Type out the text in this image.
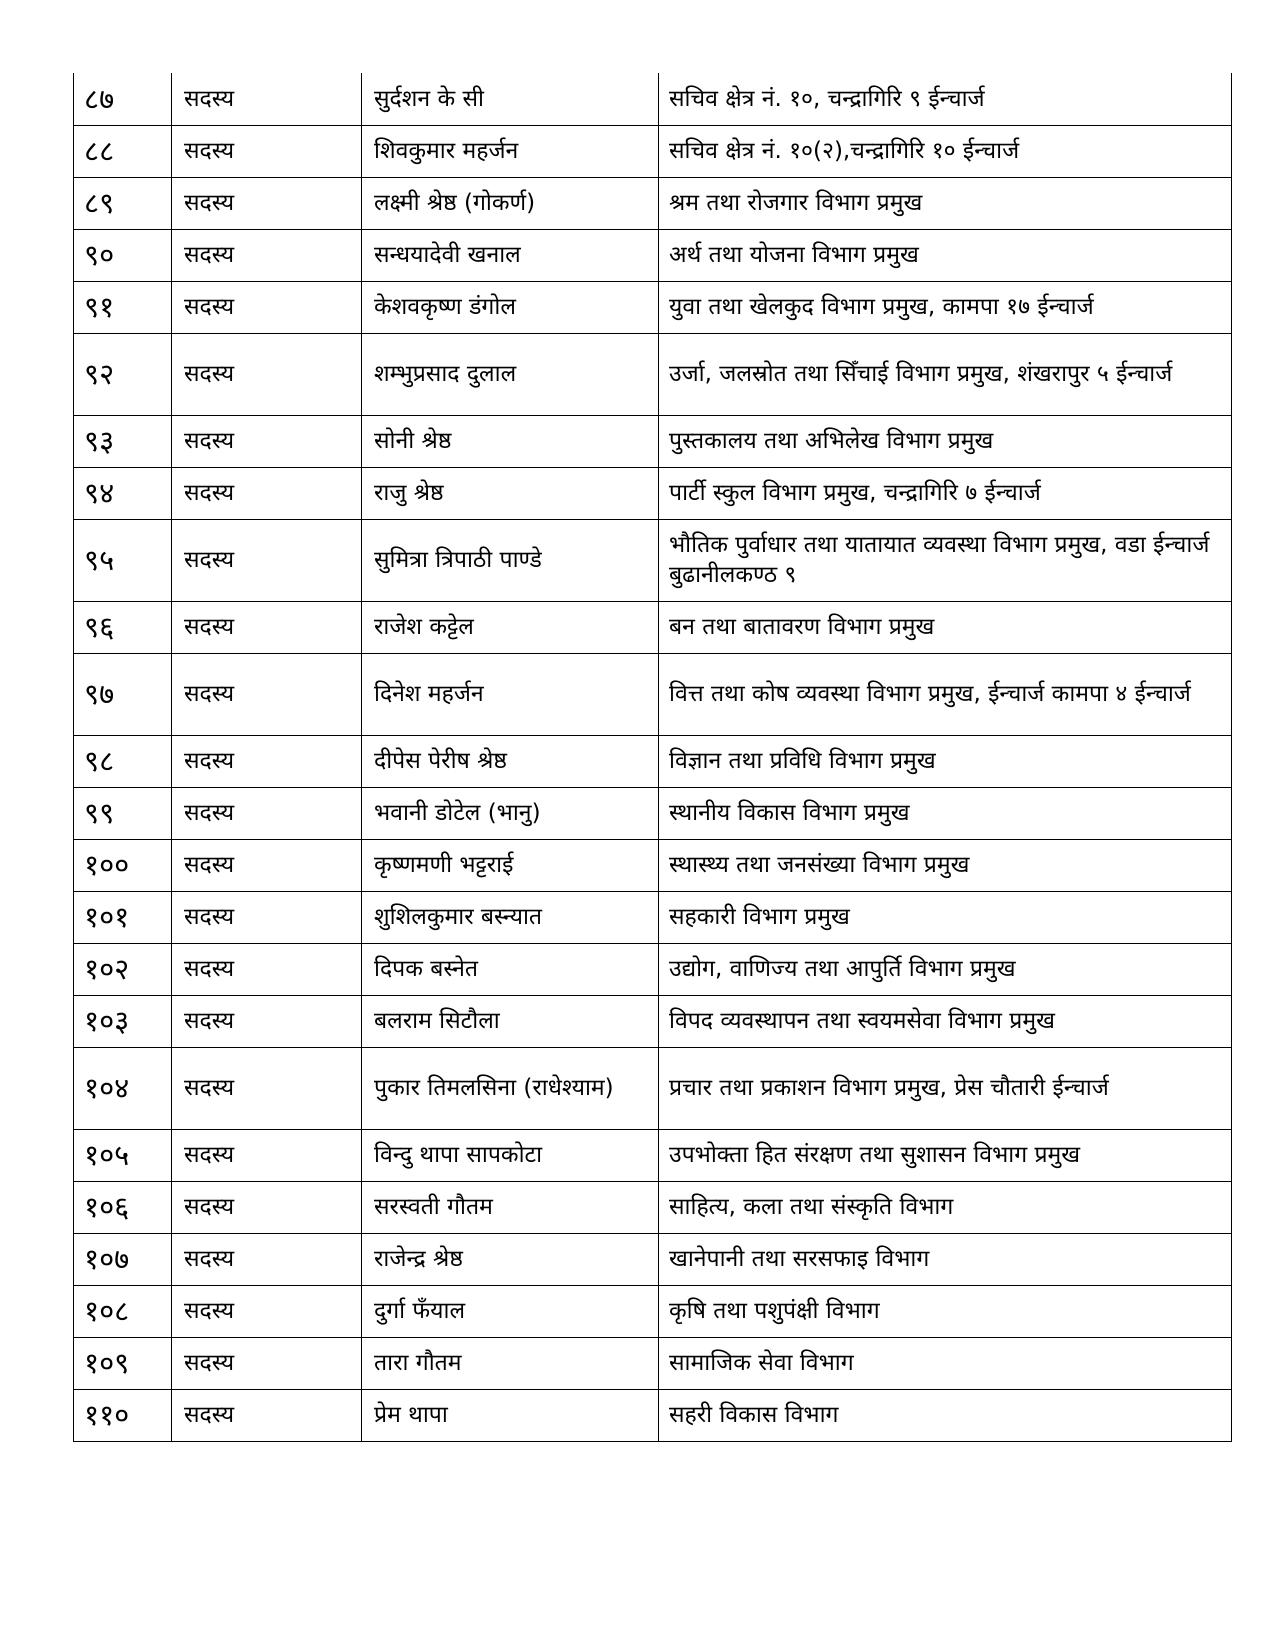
८७	सदस्य	सुर्दशन के सी	सचिव क्षेत्र नं. १०, चन्द्रागिरि ९ ईन्चार्ज
८८	सदस्य	शिवकुमार महर्जन	सचिव क्षेत्र नं. १०(२),चन्द्रागिरि १० ईन्चार्ज
८९	सदस्य	लक्ष्मी श्रेष्ठ (गोकर्ण)	श्रम तथा रोजगार विभाग प्रमुख
९०	सदस्य	सन्धयादेवी खनाल	अर्थ तथा योजना विभाग प्रमुख
९१	सदस्य	केशवकृष्ण डंगोल	युवा तथा खेलकुद विभाग प्रमुख, कामपा १७ ईन्चार्ज
९२	सदस्य	शम्भुप्रसाद दुलाल	उर्जा, जलस्रोत तथा सिँचाई विभाग प्रमुख, शंखरापुर ५ ईन्चार्ज
९३	सदस्य	सोनी श्रेष्ठ	पुस्तकालय तथा अभिलेख विभाग प्रमुख
९४	सदस्य	राजु श्रेष्ठ	पार्टी स्कुल विभाग प्रमुख, चन्द्रागिरि ७ ईन्चार्ज
९५	सदस्य	सुमित्रा त्रिपाठी पाण्डे	भौतिक पुर्वाधार तथा यातायात व्यवस्था विभाग प्रमुख, वडा ईन्चार्ज बुढानीलकण्ठ ९
९६	सदस्य	राजेश कट्टेल	बन तथा बातावरण विभाग प्रमुख
९७	सदस्य	दिनेश महर्जन	वित्त तथा कोष व्यवस्था विभाग प्रमुख, ईन्चार्ज कामपा ४ ईन्चार्ज
९८	सदस्य	दीपेस पेरीष श्रेष्ठ	विज्ञान तथा प्रविधि विभाग प्रमुख
९९	सदस्य	भवानी डोटेल (भानु)	स्थानीय विकास विभाग प्रमुख
१००	सदस्य	कृष्णमणी भट्टराई	स्थास्थ्य तथा जनसंख्या विभाग प्रमुख
१०१	सदस्य	शुशिलकुमार बस्न्यात	सहकारी विभाग प्रमुख
१०२	सदस्य	दिपक बस्नेत	उद्योग, वाणिज्य तथा आपुर्ति विभाग प्रमुख
१०३	सदस्य	बलराम सिटौला	विपद व्यवस्थापन तथा स्वयमसेवा विभाग प्रमुख
१०४	सदस्य	पुकार तिमलसिना (राधेश्याम)	प्रचार तथा प्रकाशन विभाग प्रमुख, प्रेस चौतारी ईन्चार्ज
१०५	सदस्य	विन्दु थापा सापकोटा	उपभोक्ता हित संरक्षण तथा सुशासन विभाग प्रमुख
१०६	सदस्य	सरस्वती गौतम	साहित्य, कला तथा संस्कृति विभाग
१०७	सदस्य	राजेन्द्र श्रेष्ठ	खानेपानी तथा सरसफाइ विभाग
१०८	सदस्य	दुर्गा फँयाल	कृषि तथा पशुपंक्षी विभाग
१०९	सदस्य	तारा गौतम	सामाजिक सेवा विभाग
११०	सदस्य	प्रेम थापा	सहरी विकास विभाग
